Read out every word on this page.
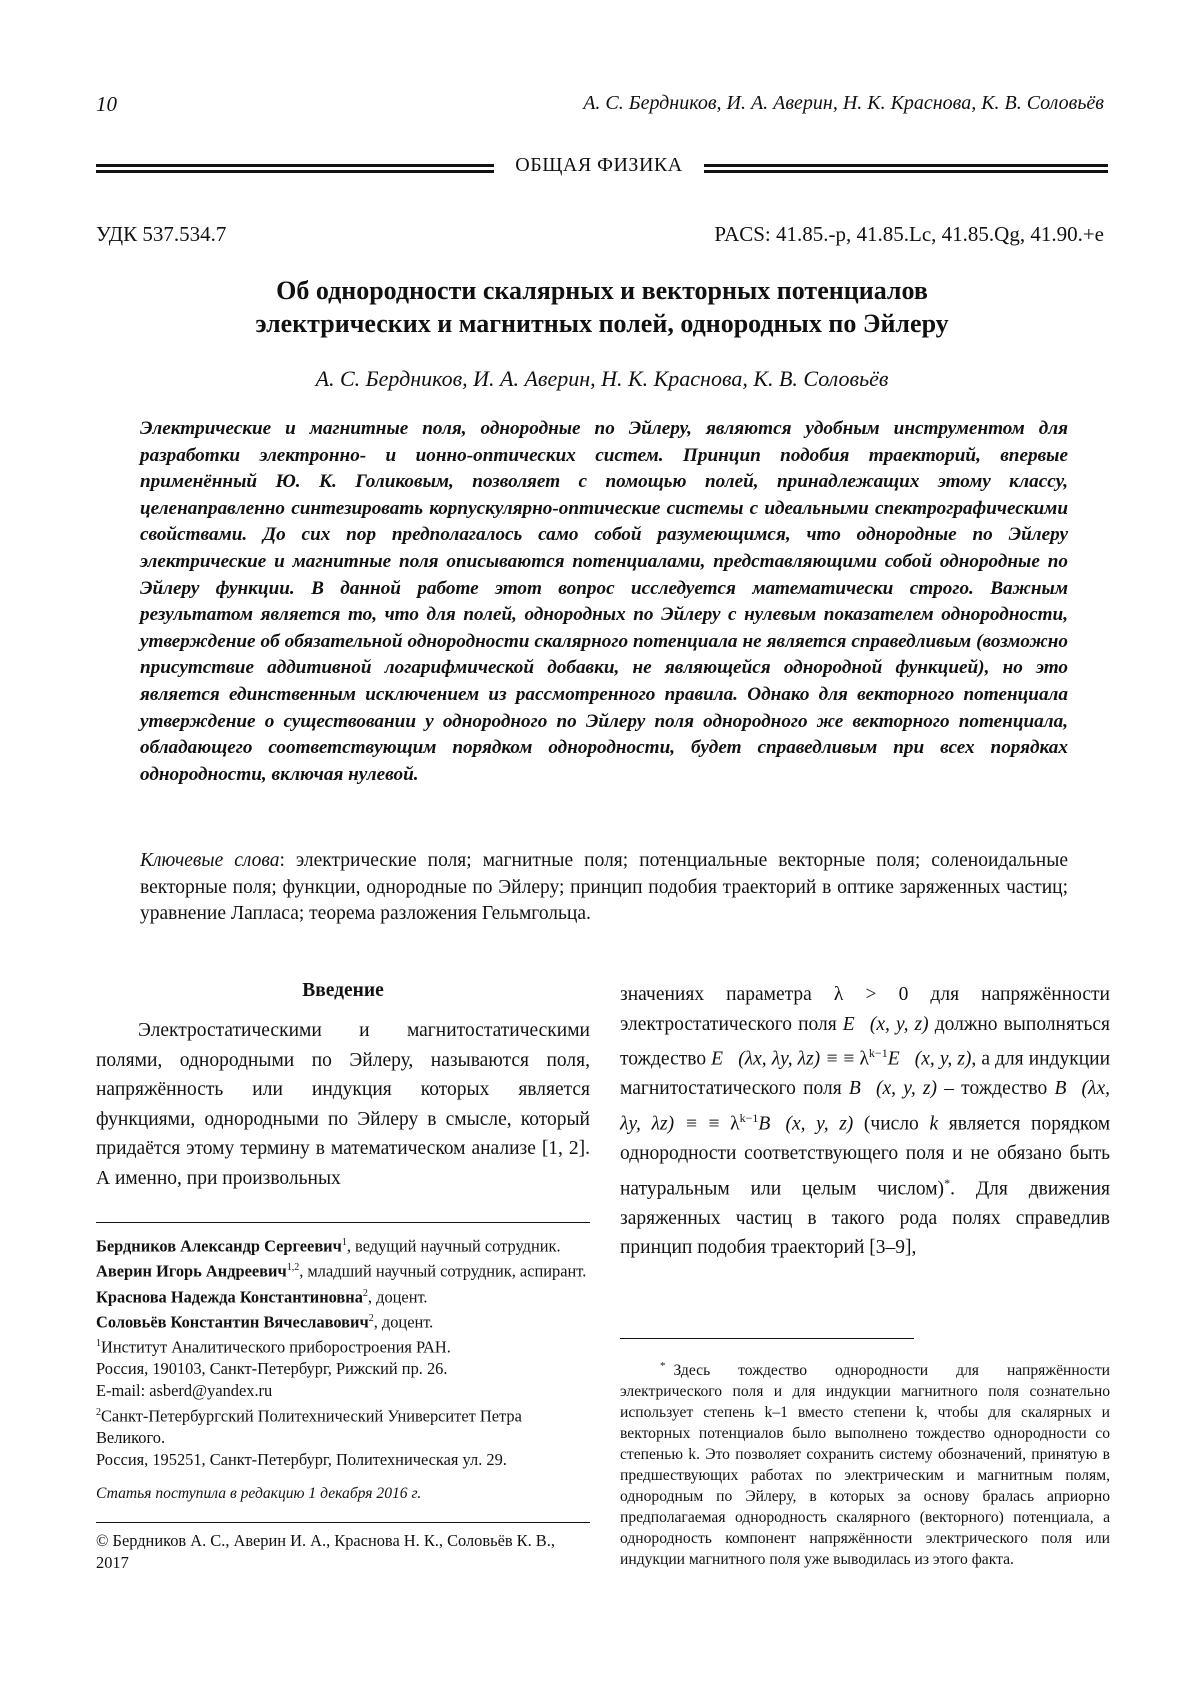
10	А. С. Бердников, И. А. Аверин, Н. К. Краснова, К. В. Соловьёв
ОБЩАЯ ФИЗИКА
УДК 537.534.7	PACS: 41.85.-p, 41.85.Lc, 41.85.Qg, 41.90.+e
Об однородности скалярных и векторных потенциалов
электрических и магнитных полей, однородных по Эйлеру
А. С. Бердников, И. А. Аверин, Н. К. Краснова, К. В. Соловьёв

Электрические и магнитные поля, однородные по Эйлеру, являются удобным инструментом для разработки электронно- и ионно-оптических систем. Принцип подобия траекторий, впервые применённый Ю. К. Голиковым, позволяет с помощью полей, принадлежащих этому классу, целенаправленно синтезировать корпускулярно-оптические системы с идеальными спектрографическими свойствами. До сих пор предполагалось само собой разумеющимся, что однородные по Эйлеру электрические и магнитные поля описываются потенциалами, представляющими собой однородные по Эйлеру функции. В данной работе этот вопрос исследуется математически строго. Важным результатом является то, что для полей, однородных по Эйлеру с нулевым показателем однородности, утверждение об обязательной однородности скалярного потенциала не является справедливым (возможно присутствие аддитивной логарифмической добавки, не являющейся однородной функцией), но это является единственным исключением из рассмотренного правила. Однако для векторного потенциала утверждение о существовании у однородного по Эйлеру поля однородного же векторного потенциала, обладающего соответствующим порядком однородности, будет справедливым при всех порядках однородности, включая нулевой.

Ключевые слова: электрические поля; магнитные поля; потенциальные векторные поля; соленоидальные векторные поля; функции, однородные по Эйлеру; принцип подобия траекторий в оптике заряженных частиц; уравнение Лапласа; теорема разложения Гельмгольца.

Введение

Электростатическими и магнитостатическими полями, однородными по Эйлеру, называются поля, напряжённость или индукция которых является функциями, однородными по Эйлеру в смысле, который придаётся этому термину в математическом анализе [1, 2]. А именно, при произвольных

значениях параметра λ > 0 для напряжённости электростатического поля E⃗(x, y, z) должно выполняться тождество E⃗(λx, λy, λz) ≡ ≡ $\lambda^{k-1}E⃗(x$, y, z), а для индукции магнитостатического поля B⃗(x, y, z) – тождество B⃗(λx, λy, λz) ≡ ≡ $\lambda^{k-1}B⃗(x$, y, z) (число k является порядком однородности соответствующего поля и не обязано быть натуральным или целым числом)*. Для движения заряженных частиц в такого рода полях справедлив принцип подобия траекторий [3–9],

Бердников Александр Сергеевич$^1$, ведущий научный сотрудник.

Аверин Игорь Андреевич$^{1,2}$, младший научный сотрудник, аспирант.

Краснова Надежда Константиновна$^2$, доцент.

Соловьёв Константин Вячеславович$^2$, доцент.

$^1$Институт Аналитического приборостроения РАН.

Россия, 190103, Санкт-Петербург, Рижский пр. 26.

E-mail: asberd@yandex.ru

$^2$Санкт-Петербургский Политехнический Университет Петра Великого.

Россия, 195251, Санкт-Петербург, Политехническая ул. 29.

Статья поступила в редакцию 1 декабря 2016 г.

© Бердников А. С., Аверин И. А., Краснова Н. К., Соловьёв К. В., 2017

* Здесь тождество однородности для напряжённости электрического поля и для индукции магнитного поля сознательно использует степень k–1 вместо степени k, чтобы для скалярных и векторных потенциалов было выполнено тождество однородности со степенью k. Это позволяет сохранить систему обозначений, принятую в предшествующих работах по электрическим и магнитным полям, однородным по Эйлеру, в которых за основу бралась априорно предполагаемая однородность скалярного (векторного) потенциала, а однородность компонент напряжённости электрического поля или индукции магнитного поля уже выводилась из этого факта.
